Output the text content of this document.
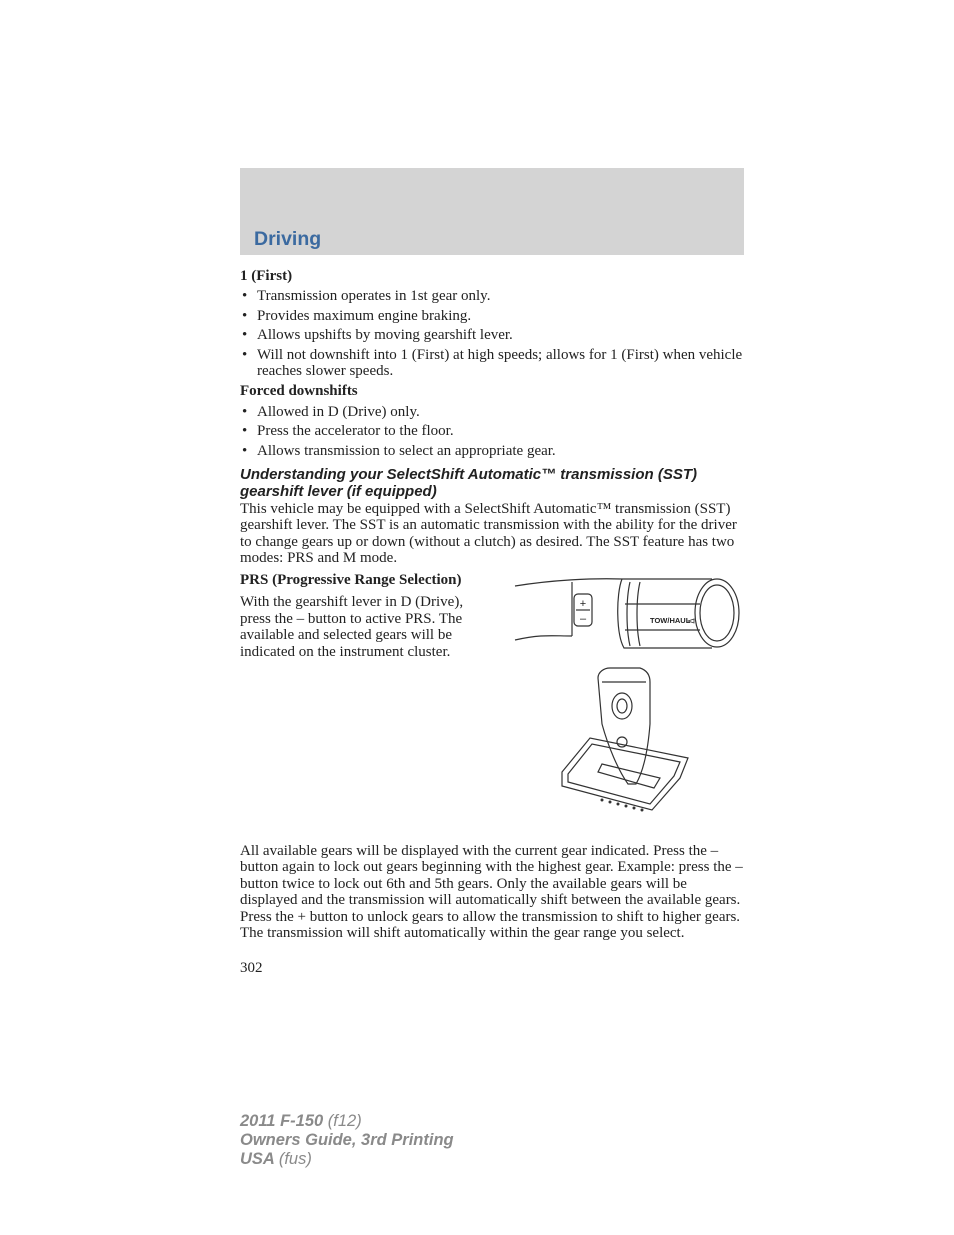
Driving

1 (First)

• Transmission operates in 1st gear only.
• Provides maximum engine braking.
• Allows upshifts by moving gearshift lever.
• Will not downshift into 1 (First) at high speeds; allows for 1 (First) when vehicle reaches slower speeds.

Forced downshifts

• Allowed in D (Drive) only.
• Press the accelerator to the floor.
• Allows transmission to select an appropriate gear.

Understanding your SelectShift Automatic™ transmission (SST) gearshift lever (if equipped)

This vehicle may be equipped with a SelectShift Automatic™ transmission (SST) gearshift lever. The SST is an automatic transmission with the ability for the driver to change gears up or down (without a clutch) as desired. The SST feature has two modes: PRS and M mode.

PRS (Progressive Range Selection)

With the gearshift lever in D (Drive), press the – button to active PRS. The available and selected gears will be indicated on the instrument cluster.

+
–	TOW/HAUL

All available gears will be displayed with the current gear indicated. Press the – button again to lock out gears beginning with the highest gear. Example: press the – button twice to lock out 6th and 5th gears. Only the available gears will be displayed and the transmission will automatically shift between the available gears. Press the + button to unlock gears to allow the transmission to shift to higher gears. The transmission will shift automatically within the gear range you select.

302
2011 F-150 (f12)
Owners Guide, 3rd Printing
USA (fus)
